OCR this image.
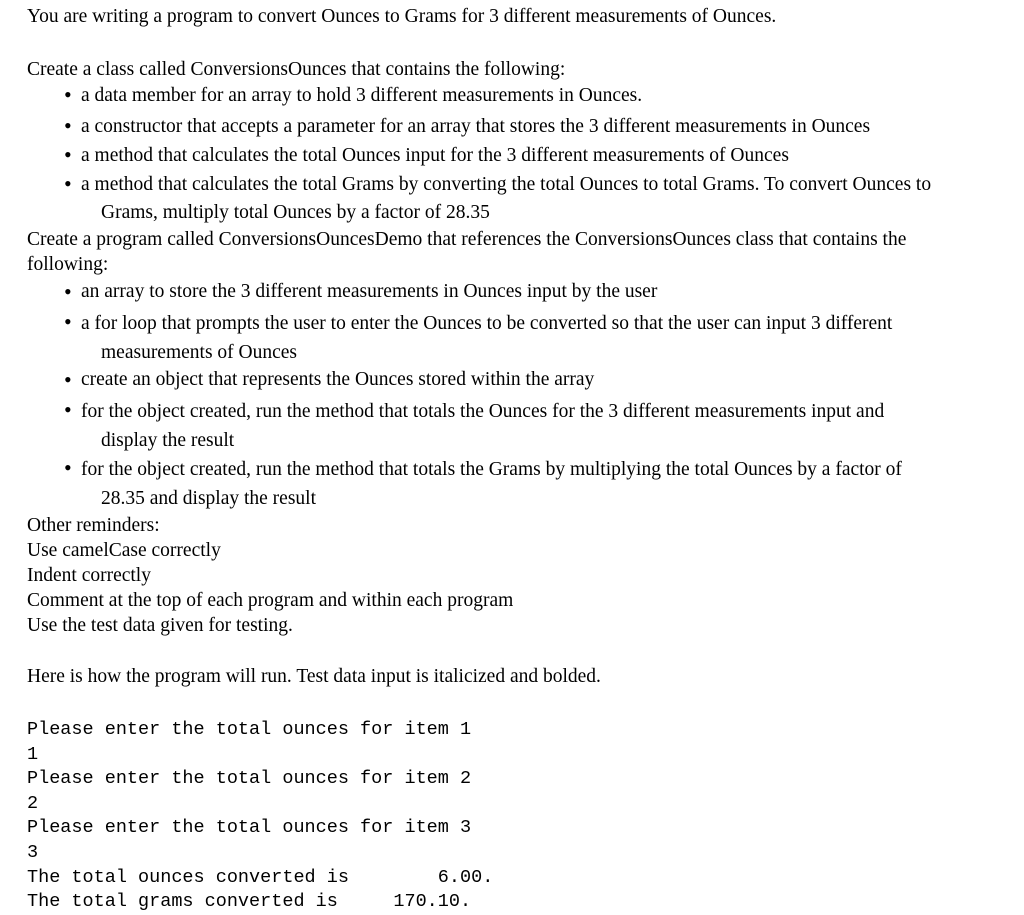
You are writing a program to convert Ounces to Grams for 3 different measurements of Ounces.

Create a class called ConversionsOunces that contains the following:

• a data member for an array to hold 3 different measurements in Ounces.
• a constructor that accepts a parameter for an array that stores the 3 different measurements in Ounces
• a method that calculates the total Ounces input for the 3 different measurements of Ounces
• a method that calculates the total Grams by converting the total Ounces to total Grams. To convert Ounces to
Grams, multiply total Ounces by a factor of 28.35

Create a program called ConversionsOuncesDemo that references the ConversionsOunces class that contains the

following:

• an array to store the 3 different measurements in Ounces input by the user
• a for loop that prompts the user to enter the Ounces to be converted so that the user can input 3 different
measurements of Ounces
• create an object that represents the Ounces stored within the array
• for the object created, run the method that totals the Ounces for the 3 different measurements input and
display the result
• for the object created, run the method that totals the Grams by multiplying the total Ounces by a factor of
28.35 and display the result

Other reminders:

Use camelCase correctly

Indent correctly

Comment at the top of each program and within each program

Use the test data given for testing.

Here is how the program will run. Test data input is italicized and bolded.

Please enter the total ounces for item 1
1
Please enter the total ounces for item 2
2
Please enter the total ounces for item 3
3
The total ounces converted is	6.00.
The total grams converted is	170.10.
